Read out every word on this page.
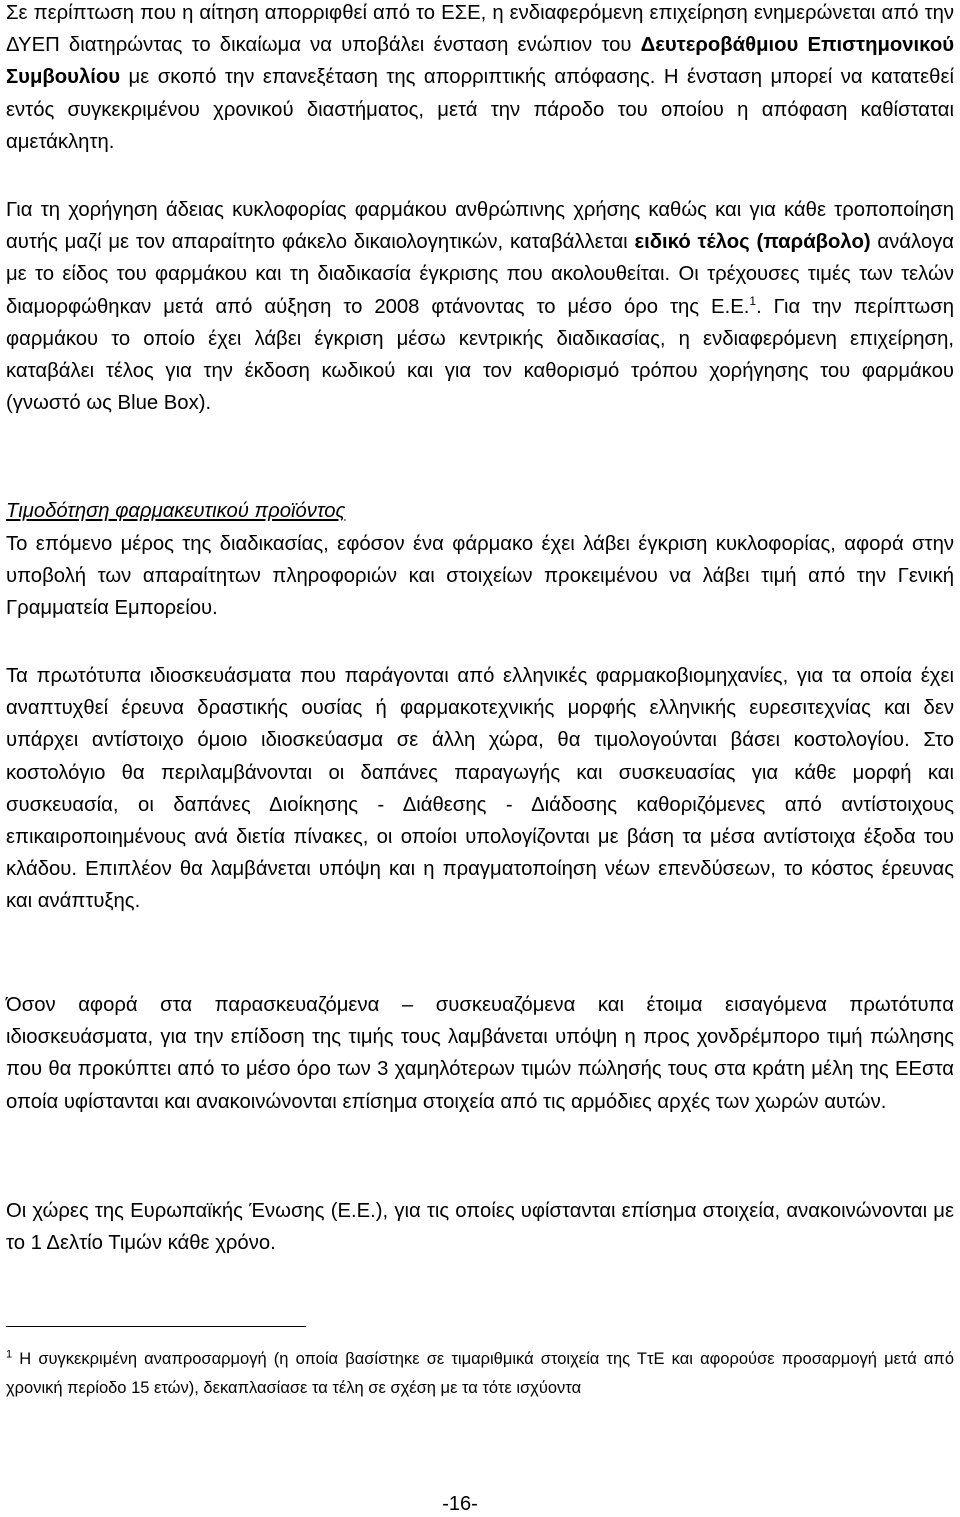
Σε περίπτωση που η αίτηση απορριφθεί από το ΕΣΕ, η ενδιαφερόμενη επιχείρηση ενημερώνεται από την ΔΥΕΠ διατηρώντας το δικαίωμα να υποβάλει ένσταση ενώπιον του Δευτεροβάθμιου Επιστημονικού Συμβουλίου με σκοπό την επανεξέταση της απορριπτικής απόφασης. Η ένσταση μπορεί να κατατεθεί εντός συγκεκριμένου χρονικού διαστήματος, μετά την πάροδο του οποίου η απόφαση καθίσταται αμετάκλητη.

Για τη χορήγηση άδειας κυκλοφορίας φαρμάκου ανθρώπινης χρήσης καθώς και για κάθε τροποποίηση αυτής μαζί με τον απαραίτητο φάκελο δικαιολογητικών, καταβάλλεται ειδικό τέλος (παράβολο) ανάλογα με το είδος του φαρμάκου και τη διαδικασία έγκρισης που ακολουθείται. Οι τρέχουσες τιμές των τελών διαμορφώθηκαν μετά από αύξηση το 2008 φτάνοντας το μέσο όρο της Ε.Ε.$^1$. Για την περίπτωση φαρμάκου το οποίο έχει λάβει έγκριση μέσω κεντρικής διαδικασίας, η ενδιαφερόμενη επιχείρηση, καταβάλει τέλος για την έκδοση κωδικού και για τον καθορισμό τρόπου χορήγησης του φαρμάκου (γνωστό ως Blue Box).

Τιμοδότηση φαρμακευτικού προϊόντος

Το επόμενο μέρος της διαδικασίας, εφόσον ένα φάρμακο έχει λάβει έγκριση κυκλοφορίας, αφορά στην υποβολή των απαραίτητων πληροφοριών και στοιχείων προκειμένου να λάβει τιμή από την Γενική Γραμματεία Εμπορείου.

Τα πρωτότυπα ιδιοσκευάσματα που παράγονται από ελληνικές φαρμακοβιομηχανίες, για τα οποία έχει αναπτυχθεί έρευνα δραστικής ουσίας ή φαρμακοτεχνικής μορφής ελληνικής ευρεσιτεχνίας και δεν υπάρχει αντίστοιχο όμοιο ιδιοσκεύασμα σε άλλη χώρα, θα τιμολογούνται βάσει κοστολογίου. Στο κοστολόγιο θα περιλαμβάνονται οι δαπάνες παραγωγής και συσκευασίας για κάθε μορφή και συσκευασία, οι δαπάνες Διοίκησης - Διάθεσης - Διάδοσης καθοριζόμενες από αντίστοιχους επικαιροποιημένους ανά διετία πίνακες, οι οποίοι υπολογίζονται με βάση τα μέσα αντίστοιχα έξοδα του κλάδου. Επιπλέον θα λαμβάνεται υπόψη και η πραγματοποίηση νέων επενδύσεων, το κόστος έρευνας και ανάπτυξης.

Όσον αφορά στα παρασκευαζόμενα – συσκευαζόμενα και έτοιμα εισαγόμενα πρωτότυπα ιδιοσκευάσματα, για την επίδοση της τιμής τους λαμβάνεται υπόψη η προς χονδρέμπορο τιμή πώλησης που θα προκύπτει από το μέσο όρο των 3 χαμηλότερων τιμών πώλησής τους στα κράτη μέλη της ΕΕστα οποία υφίστανται και ανακοινώνονται επίσημα στοιχεία από τις αρμόδιες αρχές των χωρών αυτών.

Οι χώρες της Ευρωπαϊκής Ένωσης (Ε.Ε.), για τις οποίες υφίστανται επίσημα στοιχεία, ανακοινώνονται με το 1 Δελτίο Τιμών κάθε χρόνο.

$^1$ Η συγκεκριμένη αναπροσαρμογή (η οποία βασίστηκε σε τιμαριθμικά στοιχεία της ΤτΕ και αφορούσε προσαρμογή μετά από χρονική περίοδο 15 ετών), δεκαπλασίασε τα τέλη σε σχέση με τα τότε ισχύοντα

-16-
